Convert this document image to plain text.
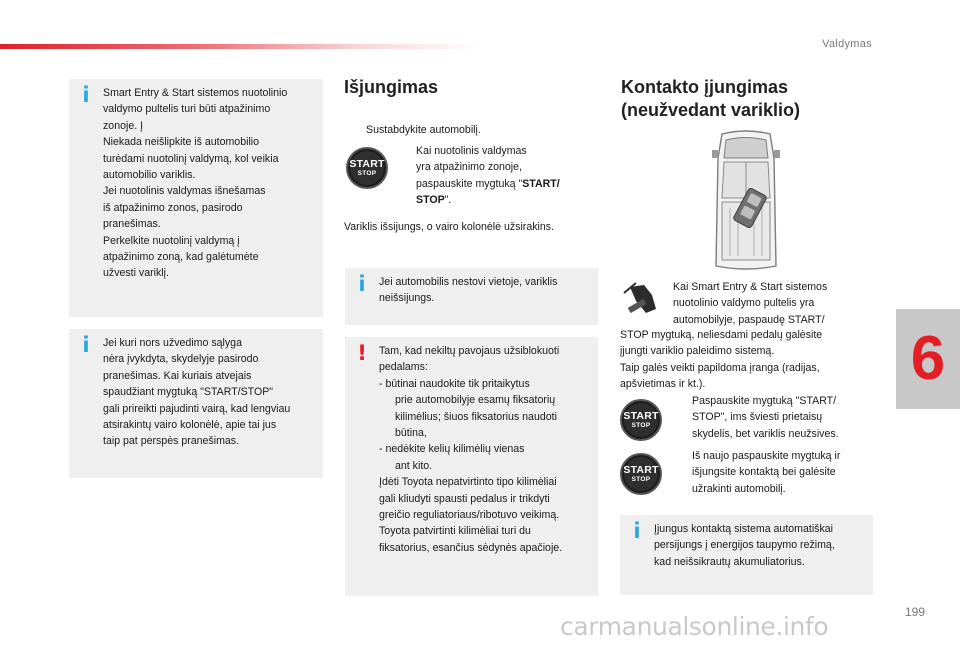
Valdymas
6
i	Smart Entry & Start sistemos nuotolinio
valdymo pultelis turi būti atpažinimo
zonoje. Į
Niekada neišlipkite iš automobilio
turėdami nuotolinį valdymą, kol veikia
automobilio variklis.
Jei nuotolinis valdymas išnešamas
iš atpažinimo zonos, pasirodo
pranešimas.
Perkelkite nuotolinį valdymą į
atpažinimo zoną, kad galėtumėte
užvesti variklį.
i	Jei kuri nors užvedimo sąlyga
nėra įvykdyta, skydelyje pasirodo
pranešimas. Kai kuriais atvejais
spaudžiant mygtuką "START/STOP"
gali prireikti pajudinti vairą, kad lengviau
atsirakintų vairo kolonėlė, apie tai jus
taip pat perspės pranešimas.
Išjungimas
Sustabdykite automobilį.
START
STOP
Kai nuotolinis valdymas
yra atpažinimo zonoje,
paspauskite mygtuką "START/
STOP".
Variklis išsijungs, o vairo kolonėlė užsirakins.
i	Jei automobilis nestovi vietoje, variklis
neišsijungs.
! Tam, kad nekiltų pavojaus užsiblokuoti
pedalams:
- būtinai naudokite tik pritaikytus
prie automobilyje esamų fiksatorių
kilimėlius; šiuos fiksatorius naudoti
būtina,
- nedėkite kelių kilimėlių vienas
ant kito.
Įdėti Toyota nepatvirtinto tipo kilimėliai
gali kliudyti spausti pedalus ir trikdyti
greičio reguliatoriaus/ribotuvo veikimą.
Toyota patvirtinti kilimėliai turi du
fiksatorius, esančius sėdynės apačioje.
Kontakto įjungimas
(neužvedant variklio)
Kai Smart Entry & Start sistemos
nuotolinio valdymo pultelis yra
automobilyje, paspaudę START/
STOP mygtuką, neliesdami pedalų galėsite
įjungti variklio paleidimo sistemą.
Taip galės veikti papildoma įranga (radijas,
apšvietimas ir kt.).
START
STOP
Paspauskite mygtuką "START/
STOP", ims šviesti prietaisų
skydelis, bet variklis neužsives.
START
STOP
Iš naujo paspauskite mygtuką ir
išjungsite kontaktą bei galėsite
užrakinti automobilį.
i	Įjungus kontaktą sistema automatiškai
persijungs į energijos taupymo režimą,
kad neišsikrautų akumuliatorius.
199
carmanualsonline.info
